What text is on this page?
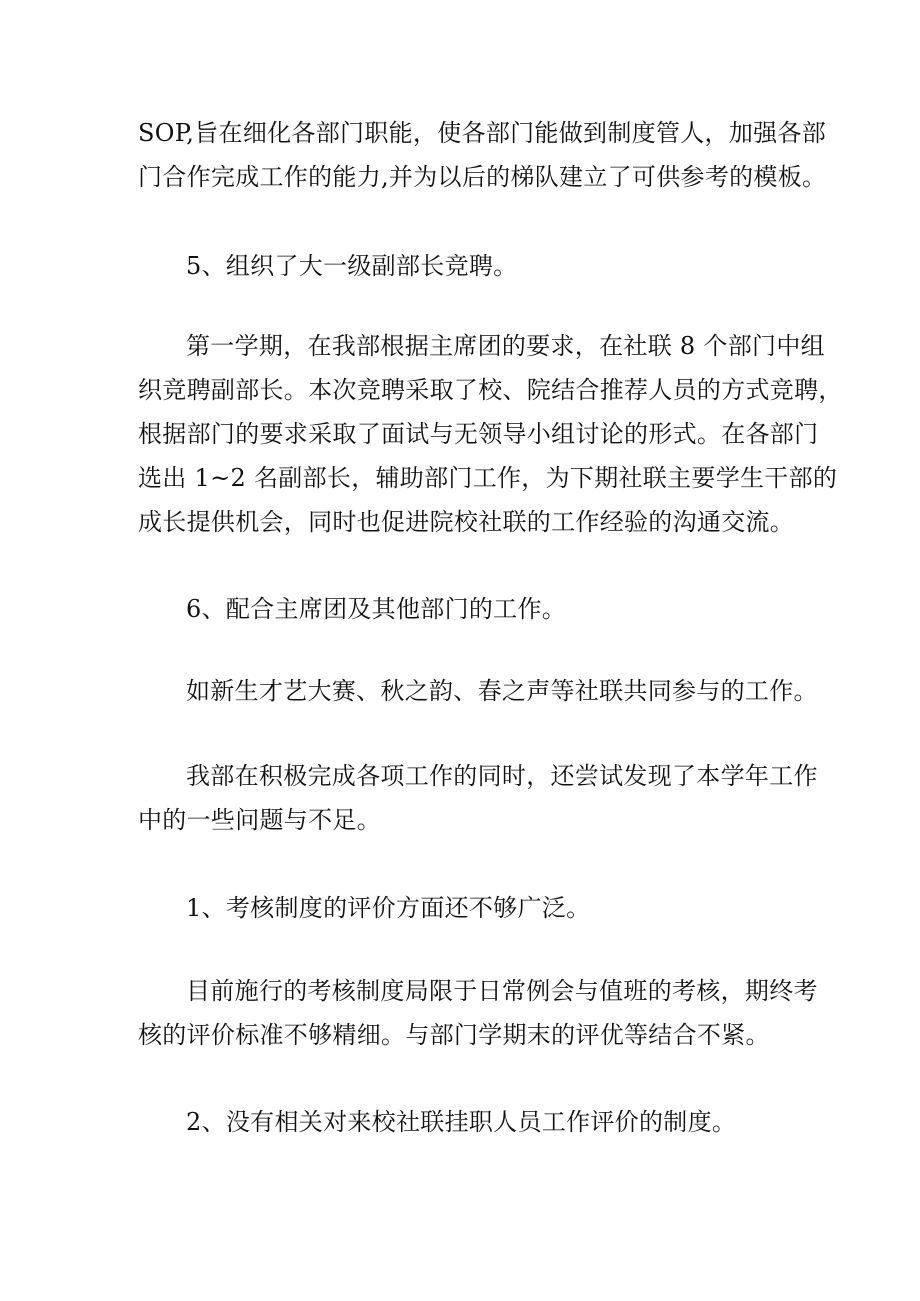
SOP,旨在细化各部门职能，使各部门能做到制度管人，加强各部
门合作完成工作的能力,并为以后的梯队建立了可供参考的模板。
5、组织了大一级副部长竞聘。
第一学期，在我部根据主席团的要求，在社联 8 个部门中组
织竞聘副部长。本次竞聘采取了校、院结合推荐人员的方式竞聘，
根据部门的要求采取了面试与无领导小组讨论的形式。在各部门
选出 1~2 名副部长，辅助部门工作，为下期社联主要学生干部的
成长提供机会，同时也促进院校社联的工作经验的沟通交流。
6、配合主席团及其他部门的工作。
如新生才艺大赛、秋之韵、春之声等社联共同参与的工作。
我部在积极完成各项工作的同时，还尝试发现了本学年工作
中的一些问题与不足。
1、考核制度的评价方面还不够广泛。
目前施行的考核制度局限于日常例会与值班的考核，期终考
核的评价标准不够精细。与部门学期末的评优等结合不紧。
2、没有相关对来校社联挂职人员工作评价的制度。
